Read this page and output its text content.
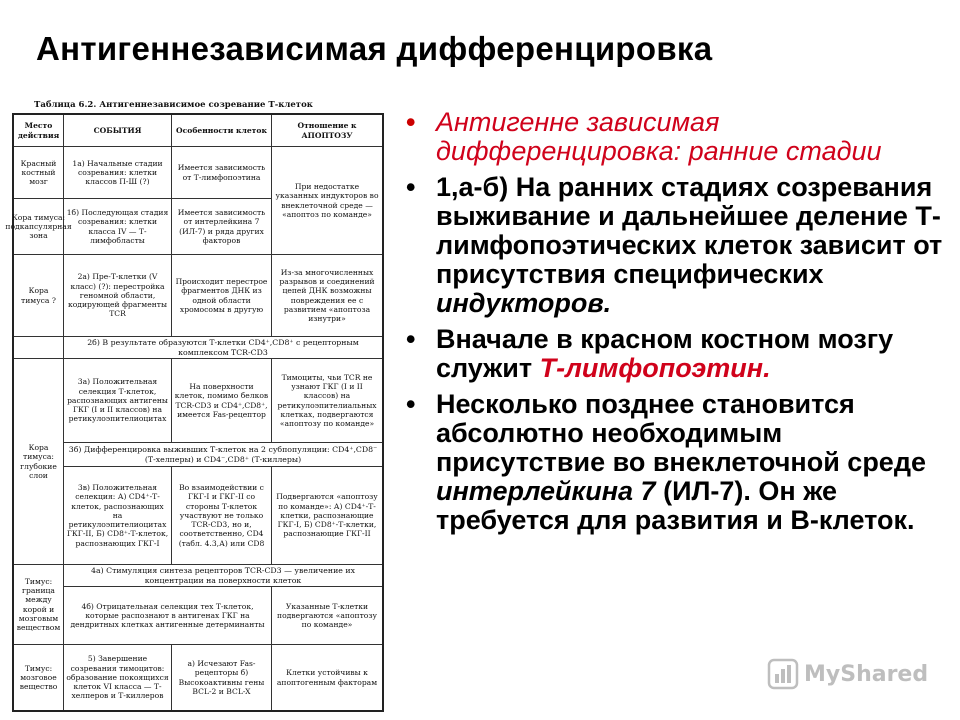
Антигеннезависимая дифференцировка
Таблица 6.2. Антигеннезависимое созревание Т-клеток
Место действия
СОБЫТИЯ	Особенности клеток
Отношение к АПОПТОЗУ
Красный костный мозг
1а) Начальные стадии созревания: клетки классов П-Ш (?)
Имеется зависимость от Т-лимфопоэтина
При недостатке указанных индукторов во внеклеточной среде — «апоптоз по команде»
Кора тимуса: подкапсулярная зона
1б) Последующая стадия созревания: клетки класса IV — Т-лимфобласты
Имеется зависимость от интерлейкина 7 (ИЛ-7) и ряда других факторов
Кора тимуса ?
2а) Пре-Т-клетки (V класс) (?): перестройка геномной области, кодирующей фрагменты TCR
Происходит перестрое фрагментов ДНК из одной области хромосомы в другую
Из-за многочисленных разрывов и соединений цепей ДНК возможны повреждения ее с развитием «апоптоза изнутри»
2б) В результате образуются Т-клетки CD4⁺,CD8⁺ с рецепторным комплексом TCR-CD3
Кора тимуса: глубокие слои
3а) Положительная селекция Т-клеток, распознающих антигены ГКГ (I и II классов) на ретикулоэпителиоцитах
На поверхности клеток, помимо белков TCR-CD3 и CD4⁺,CD8⁺, имеется Fas-рецептор
Тимоциты, чьи TCR не узнают ГКГ (I и II классов) на ретикулоэпителиальных клетках, подвергаются «апоптозу по команде»
3б) Дифференцировка выживших Т-клеток на 2 субпопуляции: CD4⁺,CD8⁻ (Т-хелперы) и CD4⁻,CD8⁺ (Т-киллеры)
3в) Положительная селекция: А) CD4⁺-Т-клеток, распознающих на ретикулоэпителиоцитах ГКГ-II, Б) CD8⁺-Т-клеток, распознающих ГКГ-I
Во взаимодействии с ГКГ-I и ГКГ-II со стороны Т-клеток участвуют не только TCR-CD3, но и, соответственно, CD4 (табл. 4.3,А) или CD8
Подвергаются «апоптозу по команде»: А) CD4⁺-Т-клетки, распознающие ГКГ-I, Б) CD8⁺-Т-клетки, распознающие ГКГ-II
Тимус: граница между корой и мозговым веществом
4а) Стимуляция синтеза рецепторов TCR-CD3 — увеличение их концентрации на поверхности клеток
4б) Отрицательная селекция тех Т-клеток, которые распознают в антигенах ГКГ на дендритных клетках антигенные детерминанты
Указанные Т-клетки подвергаются «апоптозу по команде»
Тимус: мозговое вещество
5) Завершение созревания тимоцитов: образование покоящихся клеток VI класса — Т-хелперов и Т-киллеров
а) Исчезают Fas-рецепторы б) Высокоактивны гены BCL-2 и BCL-X
Клетки устойчивы к апоптогенным факторам
• Антигенне зависимая дифференцировка: ранние стадии
• 1,а-б) На ранних стадиях созревания выживание и дальнейшее деление Т-лимфопоэтических клеток зависит от присутствия специфических индукторов.
• Вначале в красном костном мозгу служит Т-лимфопоэтин.
• Несколько позднее становится абсолютно необходимым присутствие во внеклеточной среде интерлейкина 7 (ИЛ-7). Он же требуется для развития и В-клеток.
MyShared
